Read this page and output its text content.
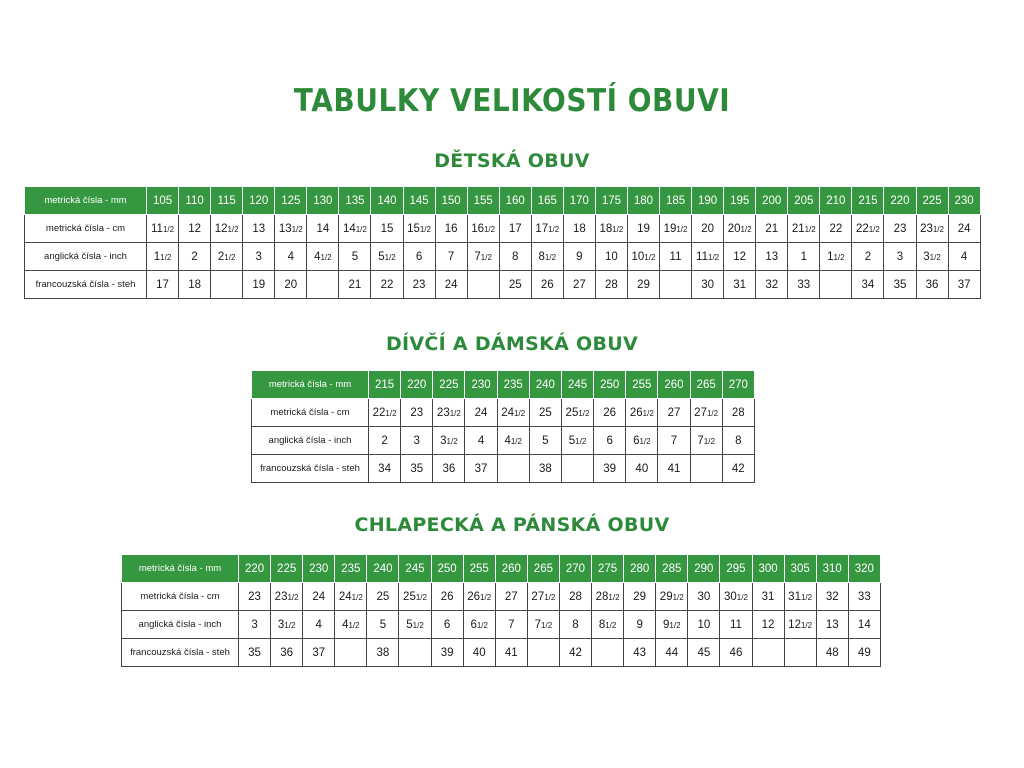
TABULKY VELIKOSTÍ OBUVI
DĚTSKÁ OBUV
metrická čísla - mm	105	110	115	120	125	130	135	140	145	150	155	160	165	170	175	180	185	190	195	200	205	210	215	220	225	230
metrická čísla - cm	111/2	12	121/2	13	131/2	14	141/2	15	151/2	16	161/2	17	171/2	18	181/2	19	191/2	20	201/2	21	211/2	22	221/2	23	231/2	24
anglická čísla - inch	11/2	2	21/2	3	4	41/2	5	51/2	6	7	71/2	8	81/2	9	10	101/2	11	111/2	12	13	1	11/2	2	3	31/2	4
francouzská čísla - steh	17	18		19	20		21	22	23	24		25	26	27	28	29		30	31	32	33		34	35	36	37
DÍVČÍ A DÁMSKÁ OBUV
metrická čísla - mm	215	220	225	230	235	240	245	250	255	260	265	270
metrická čísla - cm	221/2	23	231/2	24	241/2	25	251/2	26	261/2	27	271/2	28
anglická čísla - inch	2	3	31/2	4	41/2	5	51/2	6	61/2	7	71/2	8
francouzská čísla - steh	34	35	36	37		38		39	40	41		42
CHLAPECKÁ A PÁNSKÁ OBUV
metrická čísla - mm	220	225	230	235	240	245	250	255	260	265	270	275	280	285	290	295	300	305	310	320
metrická čísla - cm	23	231/2	24	241/2	25	251/2	26	261/2	27	271/2	28	281/2	29	291/2	30	301/2	31	311/2	32	33
anglická čísla - inch	3	31/2	4	41/2	5	51/2	6	61/2	7	71/2	8	81/2	9	91/2	10	11	12	121/2	13	14
francouzská čísla - steh	35	36	37		38		39	40	41		42		43	44	45	46			48	49
